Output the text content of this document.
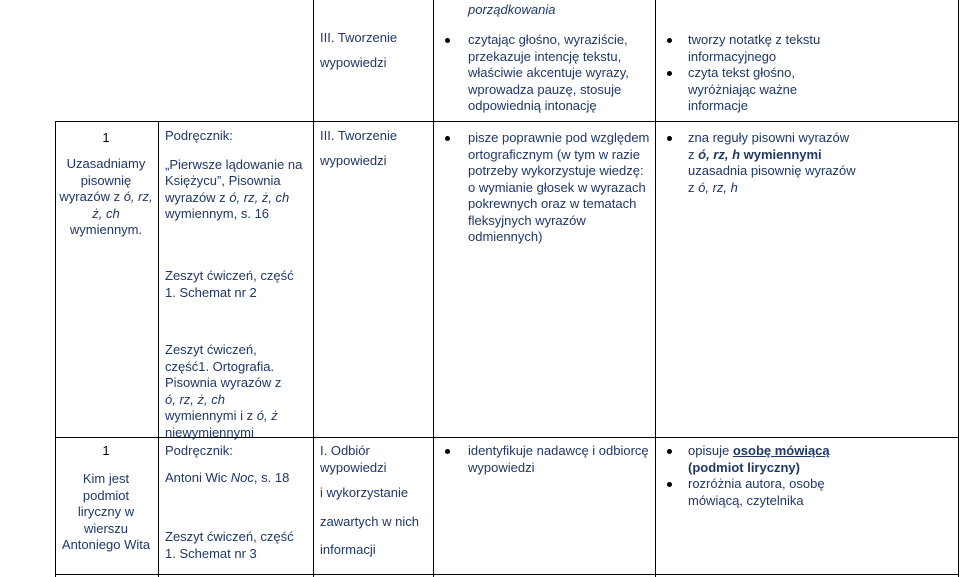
porządkowania
III. Tworzenie
wypowiedzi
czytając głośno, wyraziście, przekazuje intencję tekstu, właściwie akcentuje wyrazy, wprowadza pauzę, stosuje odpowiednią intonację
tworzy notatkę z tekstu informacyjnego
czyta tekst głośno, wyróżniając ważne informacje
1
Uzasadniamy pisownię wyrazów z ó, rz, ż, ch wymiennym.
Podręcznik:
„Pierwsze lądowanie na Księżycu”, Pisownia wyrazów z ó, rz, ż, ch wymiennym, s. 16
Zeszyt ćwiczeń, część 1. Schemat nr 2
Zeszyt ćwiczeń, część1. Ortografia. Pisownia wyrazów z ó, rz, ż, ch wymiennymi i z ó, ż niewymiennymi
III. Tworzenie
wypowiedzi
pisze poprawnie pod względem ortograficznym (w tym w razie potrzeby wykorzystuje wiedzę: o wymianie głosek w wyrazach pokrewnych oraz w tematach fleksyjnych wyrazów odmiennych)
zna reguły pisowni wyrazów z ó, rz, h wymiennymi
uzasadnia pisownię wyrazów z ó, rz, h
1
Kim jest podmiot liryczny w wierszu Antoniego Wita
Podręcznik:
Antoni Wic Noc, s. 18
Zeszyt ćwiczeń, część 1. Schemat nr 3
I. Odbiór
wypowiedzi
i wykorzystanie
zawartych w nich
informacji
identyfikuje nadawcę i odbiorcę wypowiedzi
opisuje osobę mówiącą (podmiot liryczny)
rozróżnia autora, osobę mówiącą, czytelnika
